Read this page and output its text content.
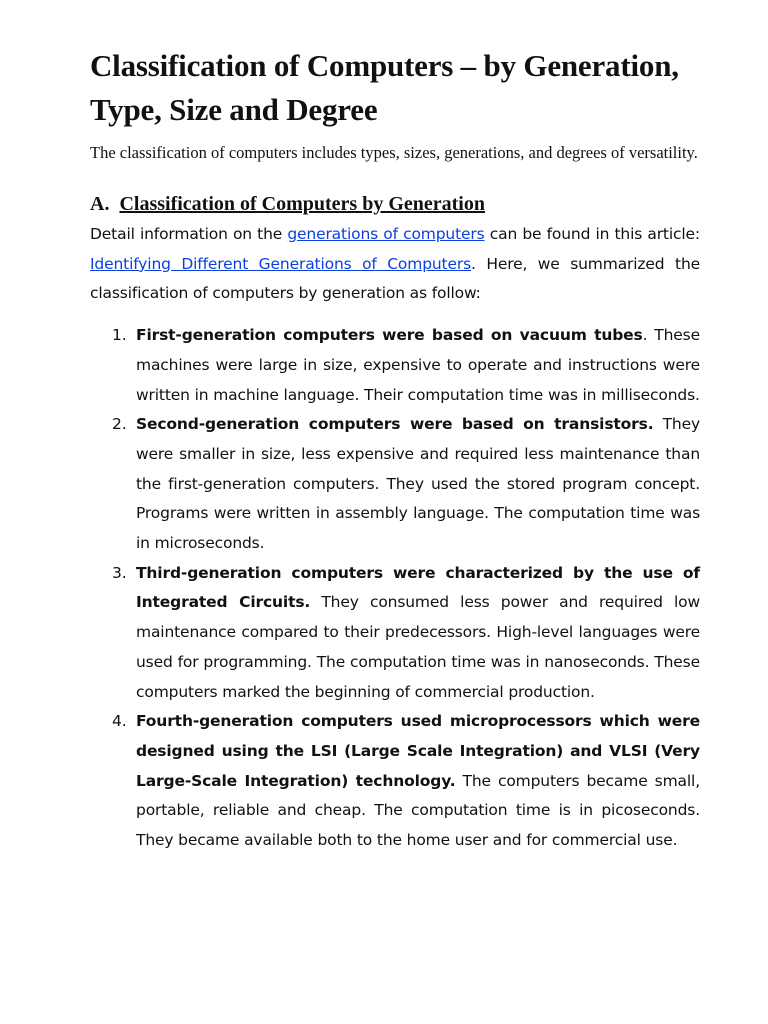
Classification of Computers – by Generation, Type, Size and Degree

The classification of computers includes types, sizes, generations, and degrees of versatility.

A. Classification of Computers by Generation

Detail information on the generations of computers can be found in this article: Identifying Different Generations of Computers. Here, we summarized the classification of computers by generation as follow:

1. First-generation computers were based on vacuum tubes. These machines were large in size, expensive to operate and instructions were written in machine language. Their computation time was in milliseconds.
2. Second-generation computers were based on transistors. They were smaller in size, less expensive and required less maintenance than the first-generation computers. They used the stored program concept. Programs were written in assembly language. The computation time was in microseconds.
3. Third-generation computers were characterized by the use of Integrated Circuits. They consumed less power and required low maintenance compared to their predecessors. High-level languages were used for programming. The computation time was in nanoseconds. These computers marked the beginning of commercial production.
4. Fourth-generation computers used microprocessors which were designed using the LSI (Large Scale Integration) and VLSI (Very Large-Scale Integration) technology. The computers became small, portable, reliable and cheap. The computation time is in picoseconds. They became available both to the home user and for commercial use.
